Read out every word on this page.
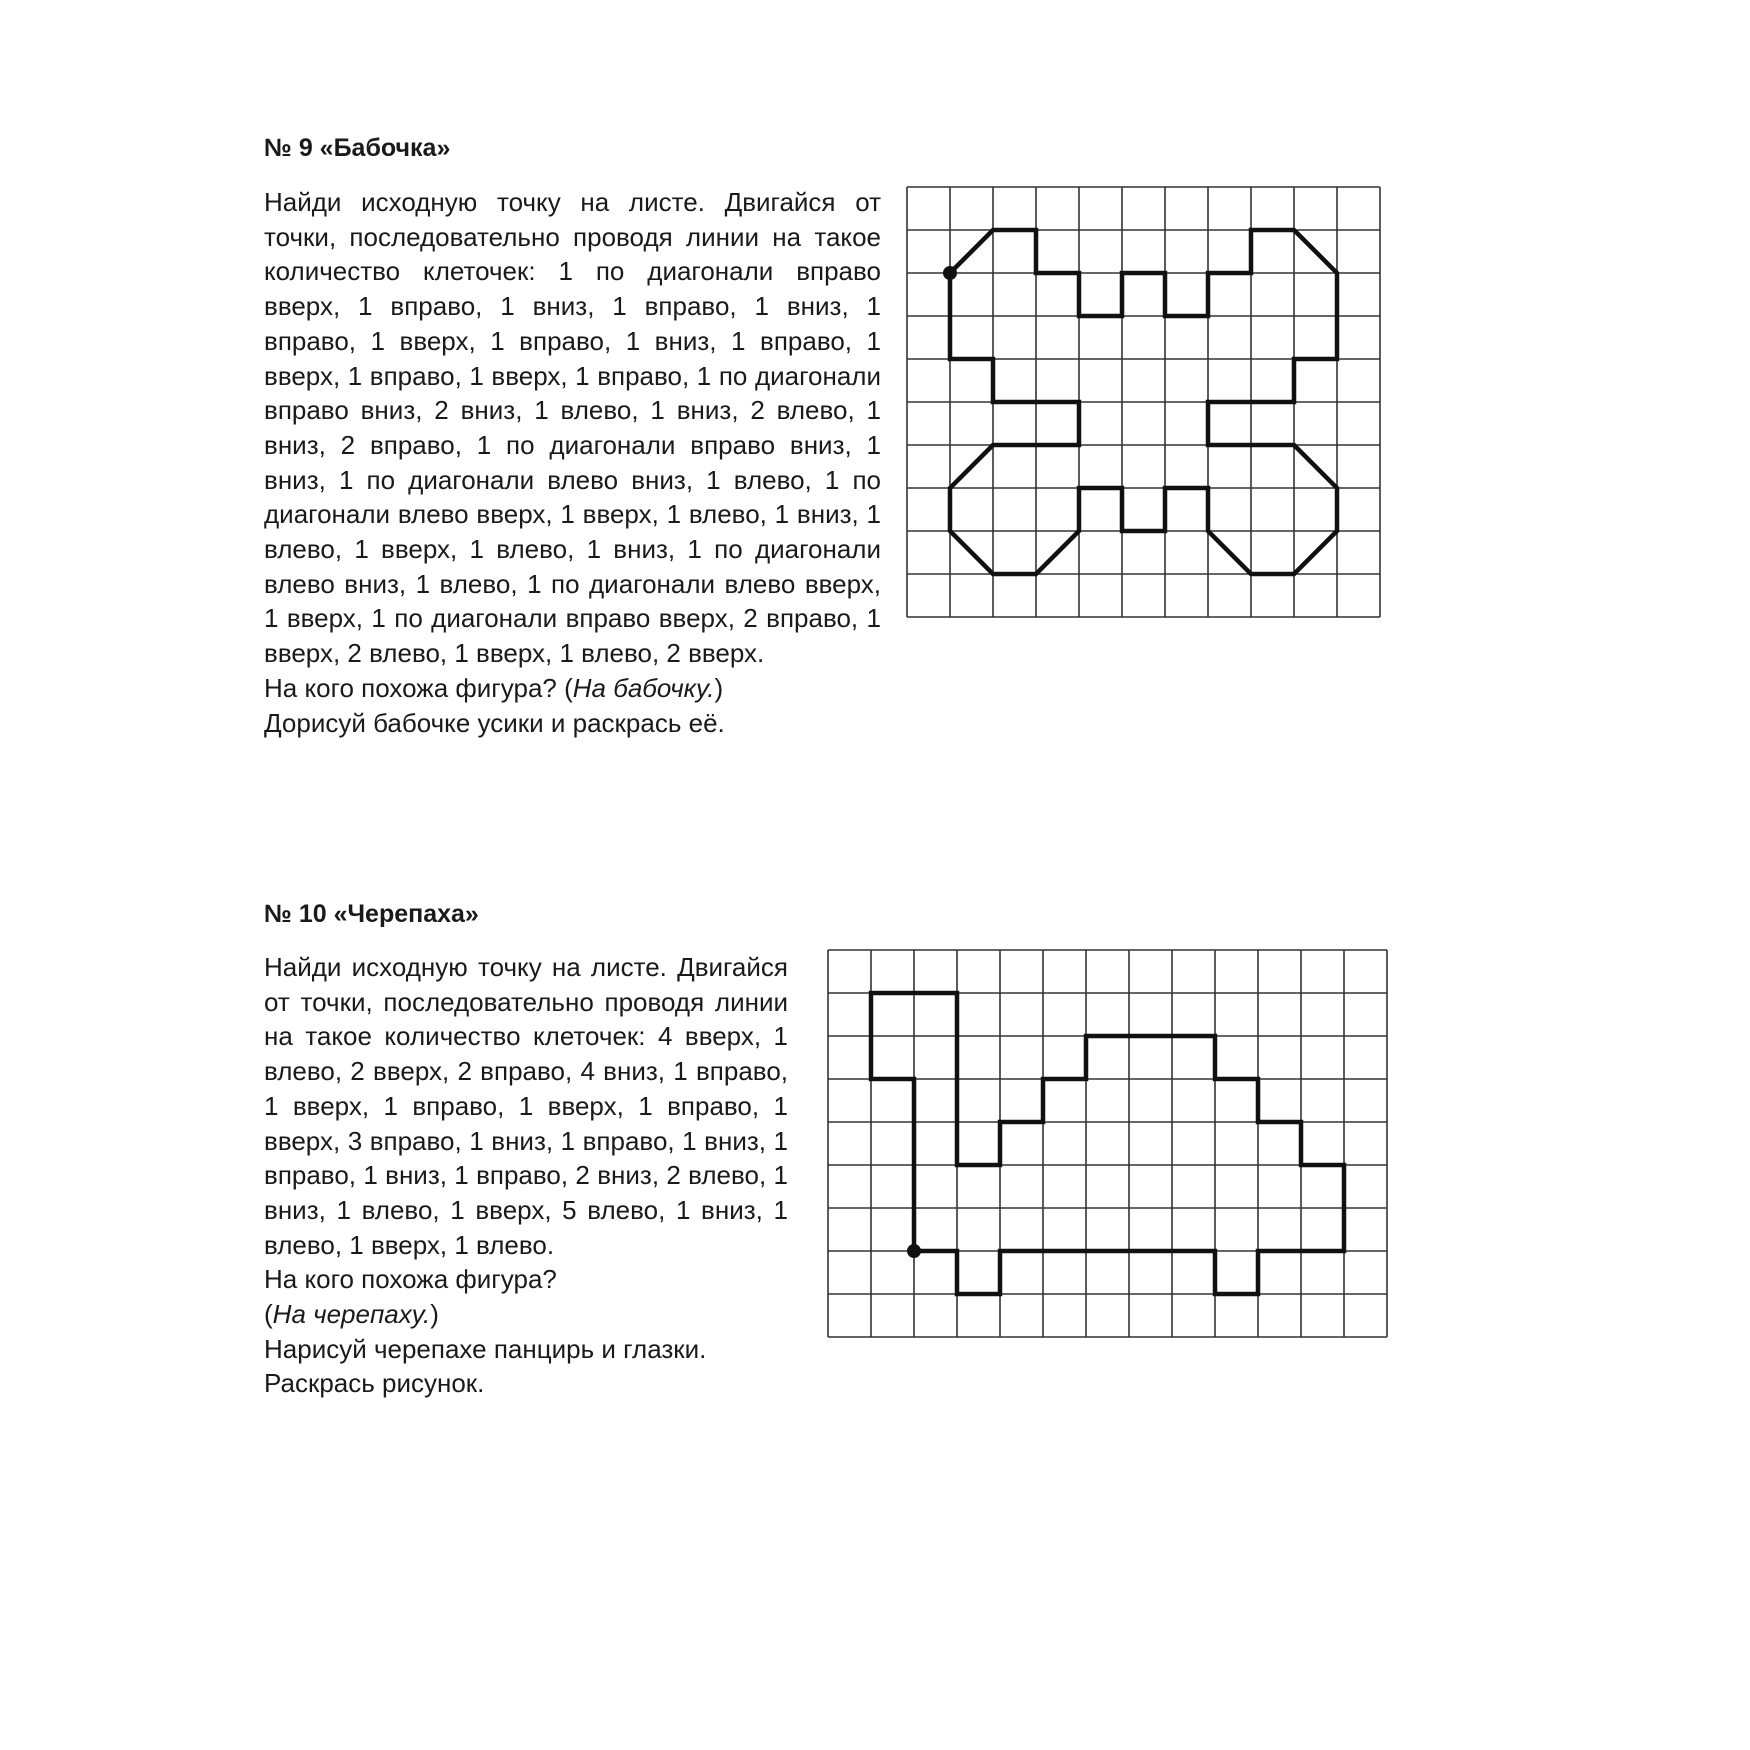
№ 9 «Бабочка»

Найди исходную точку на листе. Двигайся от точки, последовательно проводя линии на такое количество клеточек: 1 по диагонали вправо вверх, 1 вправо, 1 вниз, 1 вправо, 1 вниз, 1 вправо, 1 вверх, 1 вправо, 1 вниз, 1 вправо, 1 вверх, 1 вправо, 1 вверх, 1 вправо, 1 по диагонали вправо вниз, 2 вниз, 1 влево, 1 вниз, 2 влево, 1 вниз, 2 вправо, 1 по диагонали вправо вниз, 1 вниз, 1 по диагонали влево вниз, 1 влево, 1 по диагонали влево вверх, 1 вверх, 1 влево, 1 вниз, 1 влево, 1 вверх, 1 влево, 1 вниз, 1 по диагонали влево вниз, 1 влево, 1 по диагонали влево вверх, 1 вверх, 1 по диагонали вправо вверх, 2 вправо, 1 вверх, 2 влево, 1 вверх, 1 влево, 2 вверх.

На кого похожа фигура? (На бабочку.)

Дорисуй бабочке усики и раскрась её.

№ 10 «Черепаха»

Найди исходную точку на листе. Двигайся от точки, последовательно проводя линии на такое количество клеточек: 4 вверх, 1 влево, 2 вверх, 2 вправо, 4 вниз, 1 вправо, 1 вверх, 1 вправо, 1 вверх, 1 вправо, 1 вверх, 3 вправо, 1 вниз, 1 вправо, 1 вниз, 1 вправо, 1 вниз, 1 вправо, 2 вниз, 2 влево, 1 вниз, 1 влево, 1 вверх, 5 влево, 1 вниз, 1 влево, 1 вверх, 1 влево.

На кого похожа фигура?

(На черепаху.)

Нарисуй черепахе панцирь и глазки.

Раскрась рисунок.
